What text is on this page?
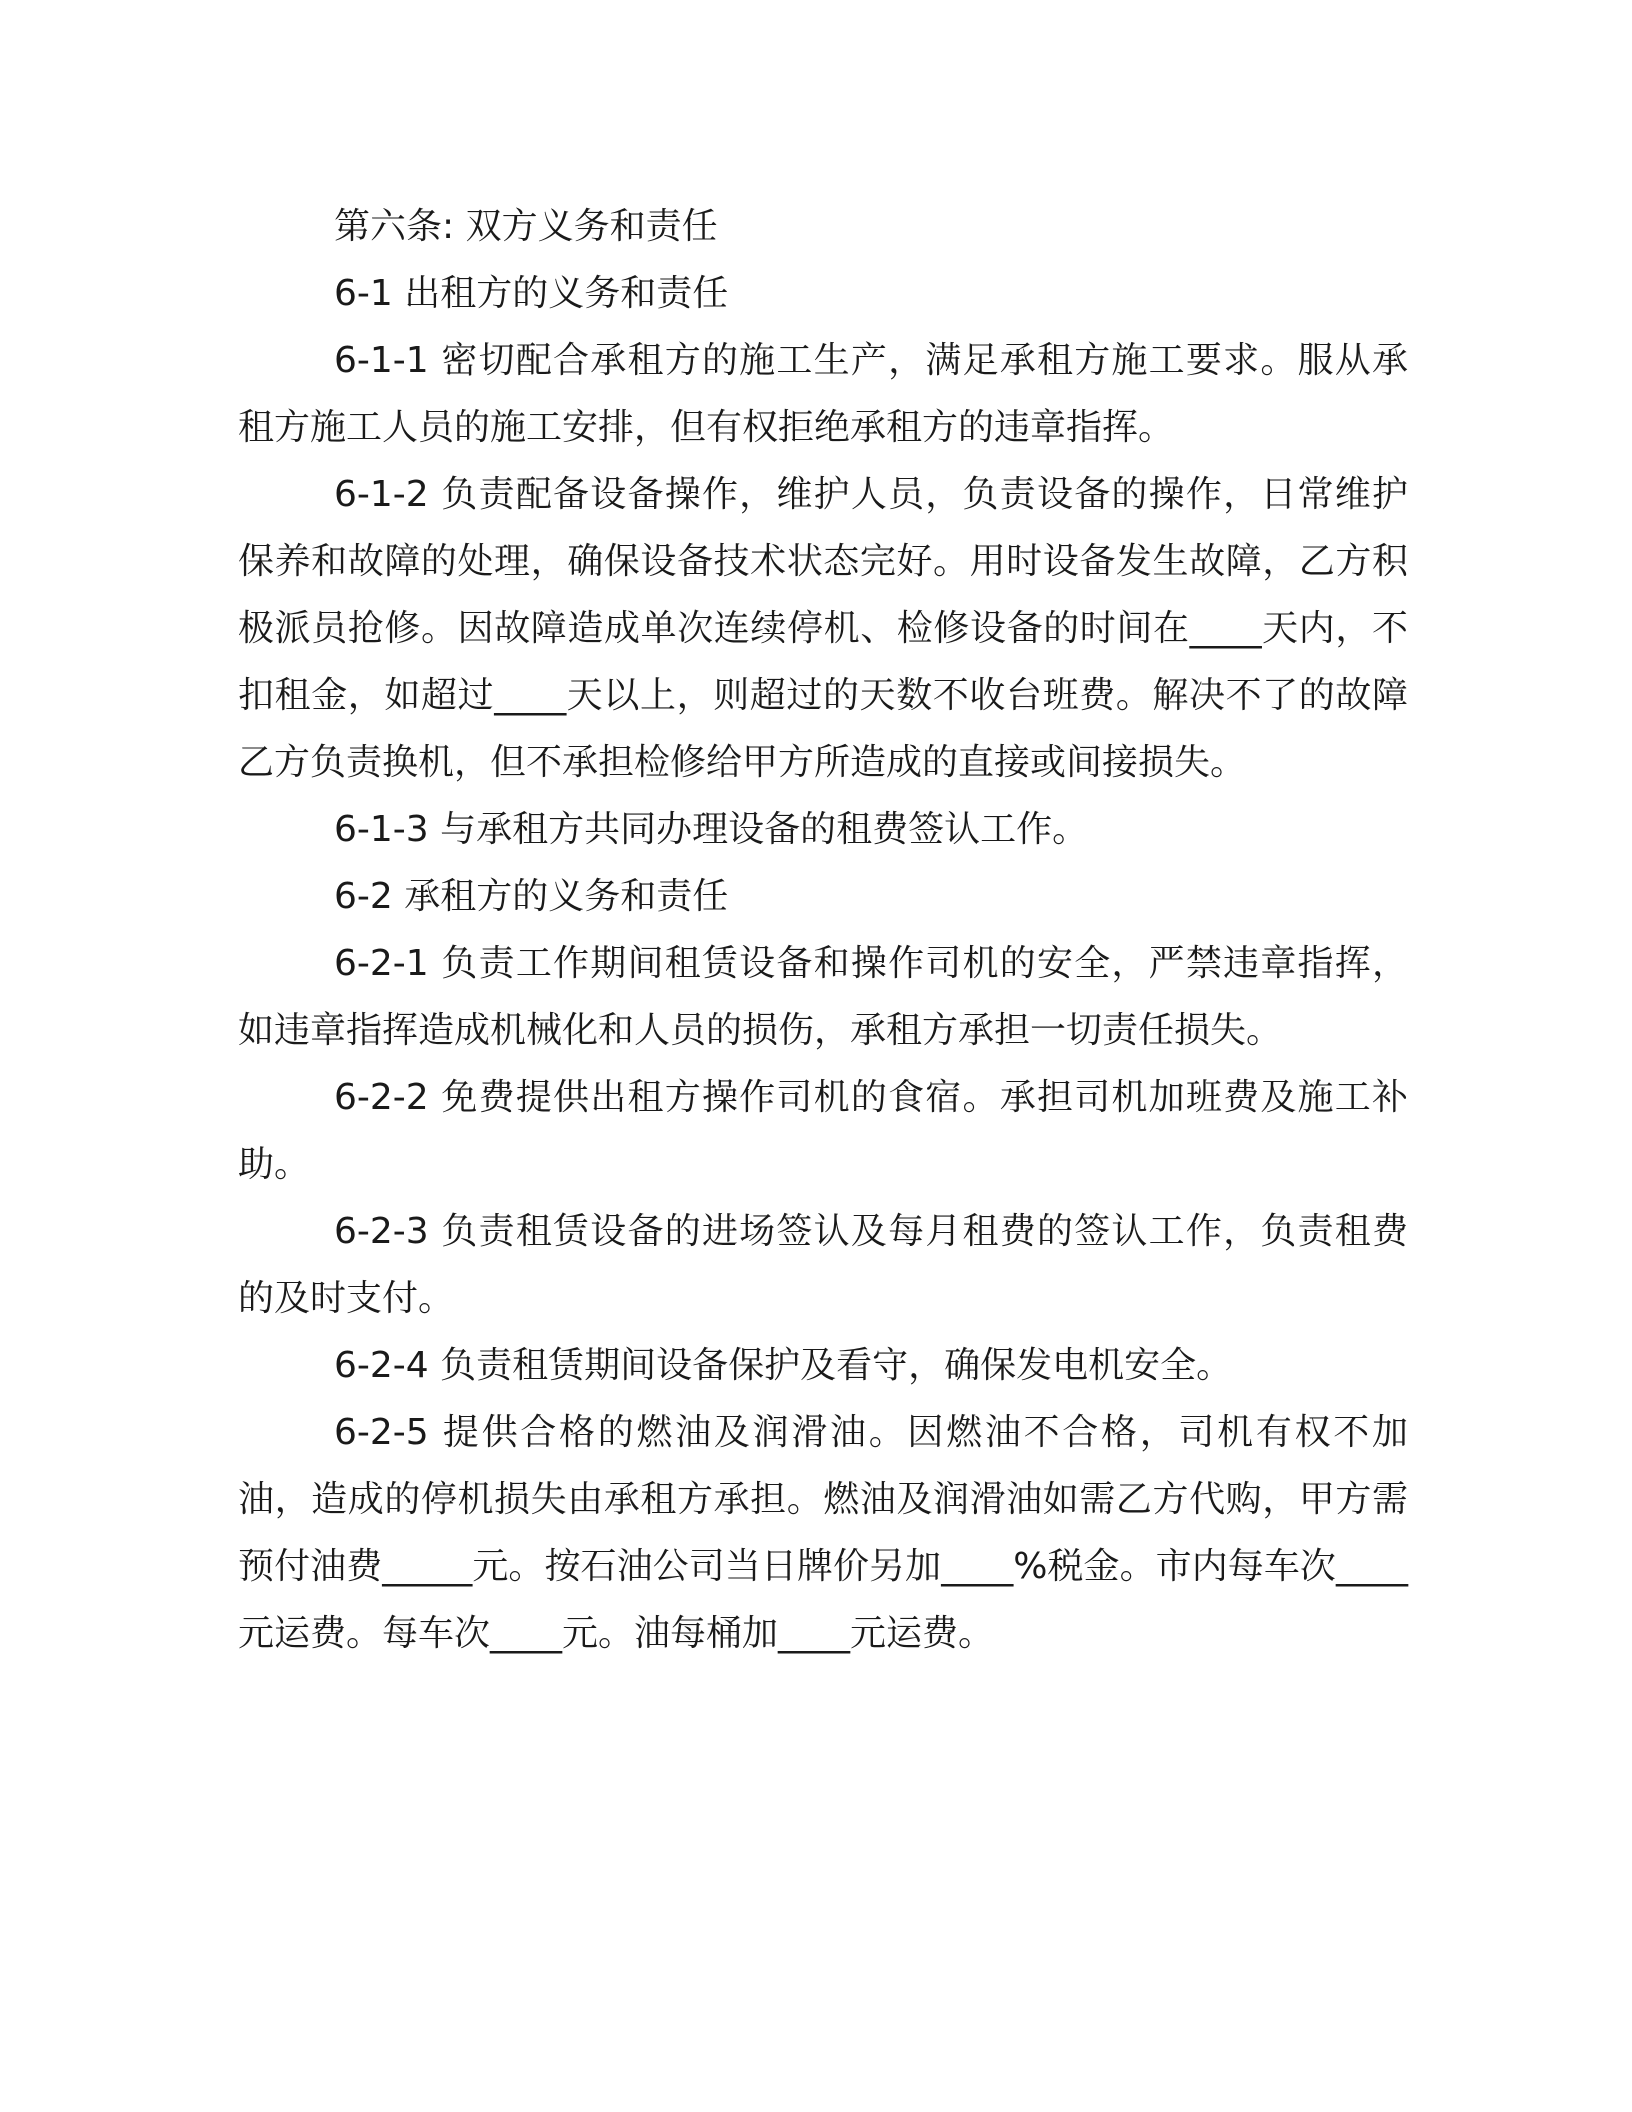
第六条: 双方义务和责任

6-1 出租方的义务和责任

6-1-1 密切配合承租方的施工生产，满足承租方施工要求。服从承租方施工人员的施工安排，但有权拒绝承租方的违章指挥。

6-1-2 负责配备设备操作，维护人员，负责设备的操作，日常维护保养和故障的处理，确保设备技术状态完好。用时设备发生故障，乙方积极派员抢修。因故障造成单次连续停机、检修设备的时间在____天内，不扣租金，如超过____天以上，则超过的天数不收台班费。解决不了的故障乙方负责换机，但不承担检修给甲方所造成的直接或间接损失。

6-1-3 与承租方共同办理设备的租费签认工作。

6-2 承租方的义务和责任

6-2-1 负责工作期间租赁设备和操作司机的安全，严禁违章指挥，如违章指挥造成机械化和人员的损伤，承租方承担一切责任损失。

6-2-2 免费提供出租方操作司机的食宿。承担司机加班费及施工补助。

6-2-3 负责租赁设备的进场签认及每月租费的签认工作，负责租费的及时支付。

6-2-4 负责租赁期间设备保护及看守，确保发电机安全。

6-2-5 提供合格的燃油及润滑油。因燃油不合格，司机有权不加油，造成的停机损失由承租方承担。燃油及润滑油如需乙方代购，甲方需预付油费_____元。按石油公司当日牌价另加____%税金。市内每车次____元运费。每车次____元。油每桶加____元运费。
